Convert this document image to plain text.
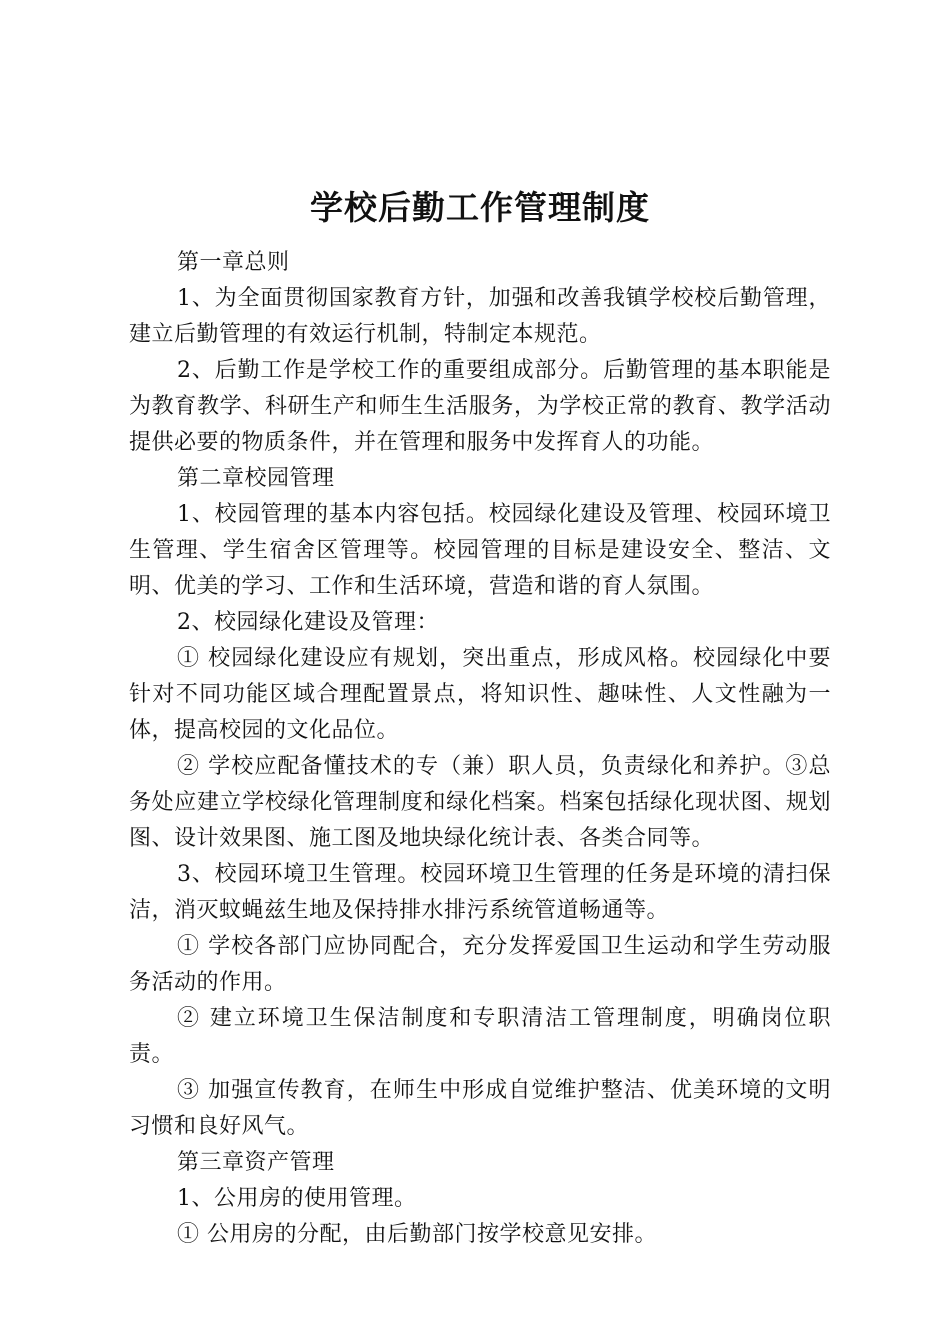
学校后勤工作管理制度

第一章总则

1、为全面贯彻国家教育方针，加强和改善我镇学校校后勤管理，建立后勤管理的有效运行机制，特制定本规范。

2、后勤工作是学校工作的重要组成部分。后勤管理的基本职能是为教育教学、科研生产和师生生活服务，为学校正常的教育、教学活动提供必要的物质条件，并在管理和服务中发挥育人的功能。

第二章校园管理

1、校园管理的基本内容包括。校园绿化建设及管理、校园环境卫生管理、学生宿舍区管理等。校园管理的目标是建设安全、整洁、文明、优美的学习、工作和生活环境，营造和谐的育人氛围。

2、校园绿化建设及管理：

① 校园绿化建设应有规划，突出重点，形成风格。校园绿化中要针对不同功能区域合理配置景点，将知识性、趣味性、人文性融为一体，提高校园的文化品位。

② 学校应配备懂技术的专（兼）职人员，负责绿化和养护。③总务处应建立学校绿化管理制度和绿化档案。档案包括绿化现状图、规划图、设计效果图、施工图及地块绿化统计表、各类合同等。

3、校园环境卫生管理。校园环境卫生管理的任务是环境的清扫保洁，消灭蚊蝇兹生地及保持排水排污系统管道畅通等。

① 学校各部门应协同配合，充分发挥爱国卫生运动和学生劳动服务活动的作用。

② 建立环境卫生保洁制度和专职清洁工管理制度，明确岗位职责。

③ 加强宣传教育，在师生中形成自觉维护整洁、优美环境的文明习惯和良好风气。

第三章资产管理

1、公用房的使用管理。

① 公用房的分配，由后勤部门按学校意见安排。
